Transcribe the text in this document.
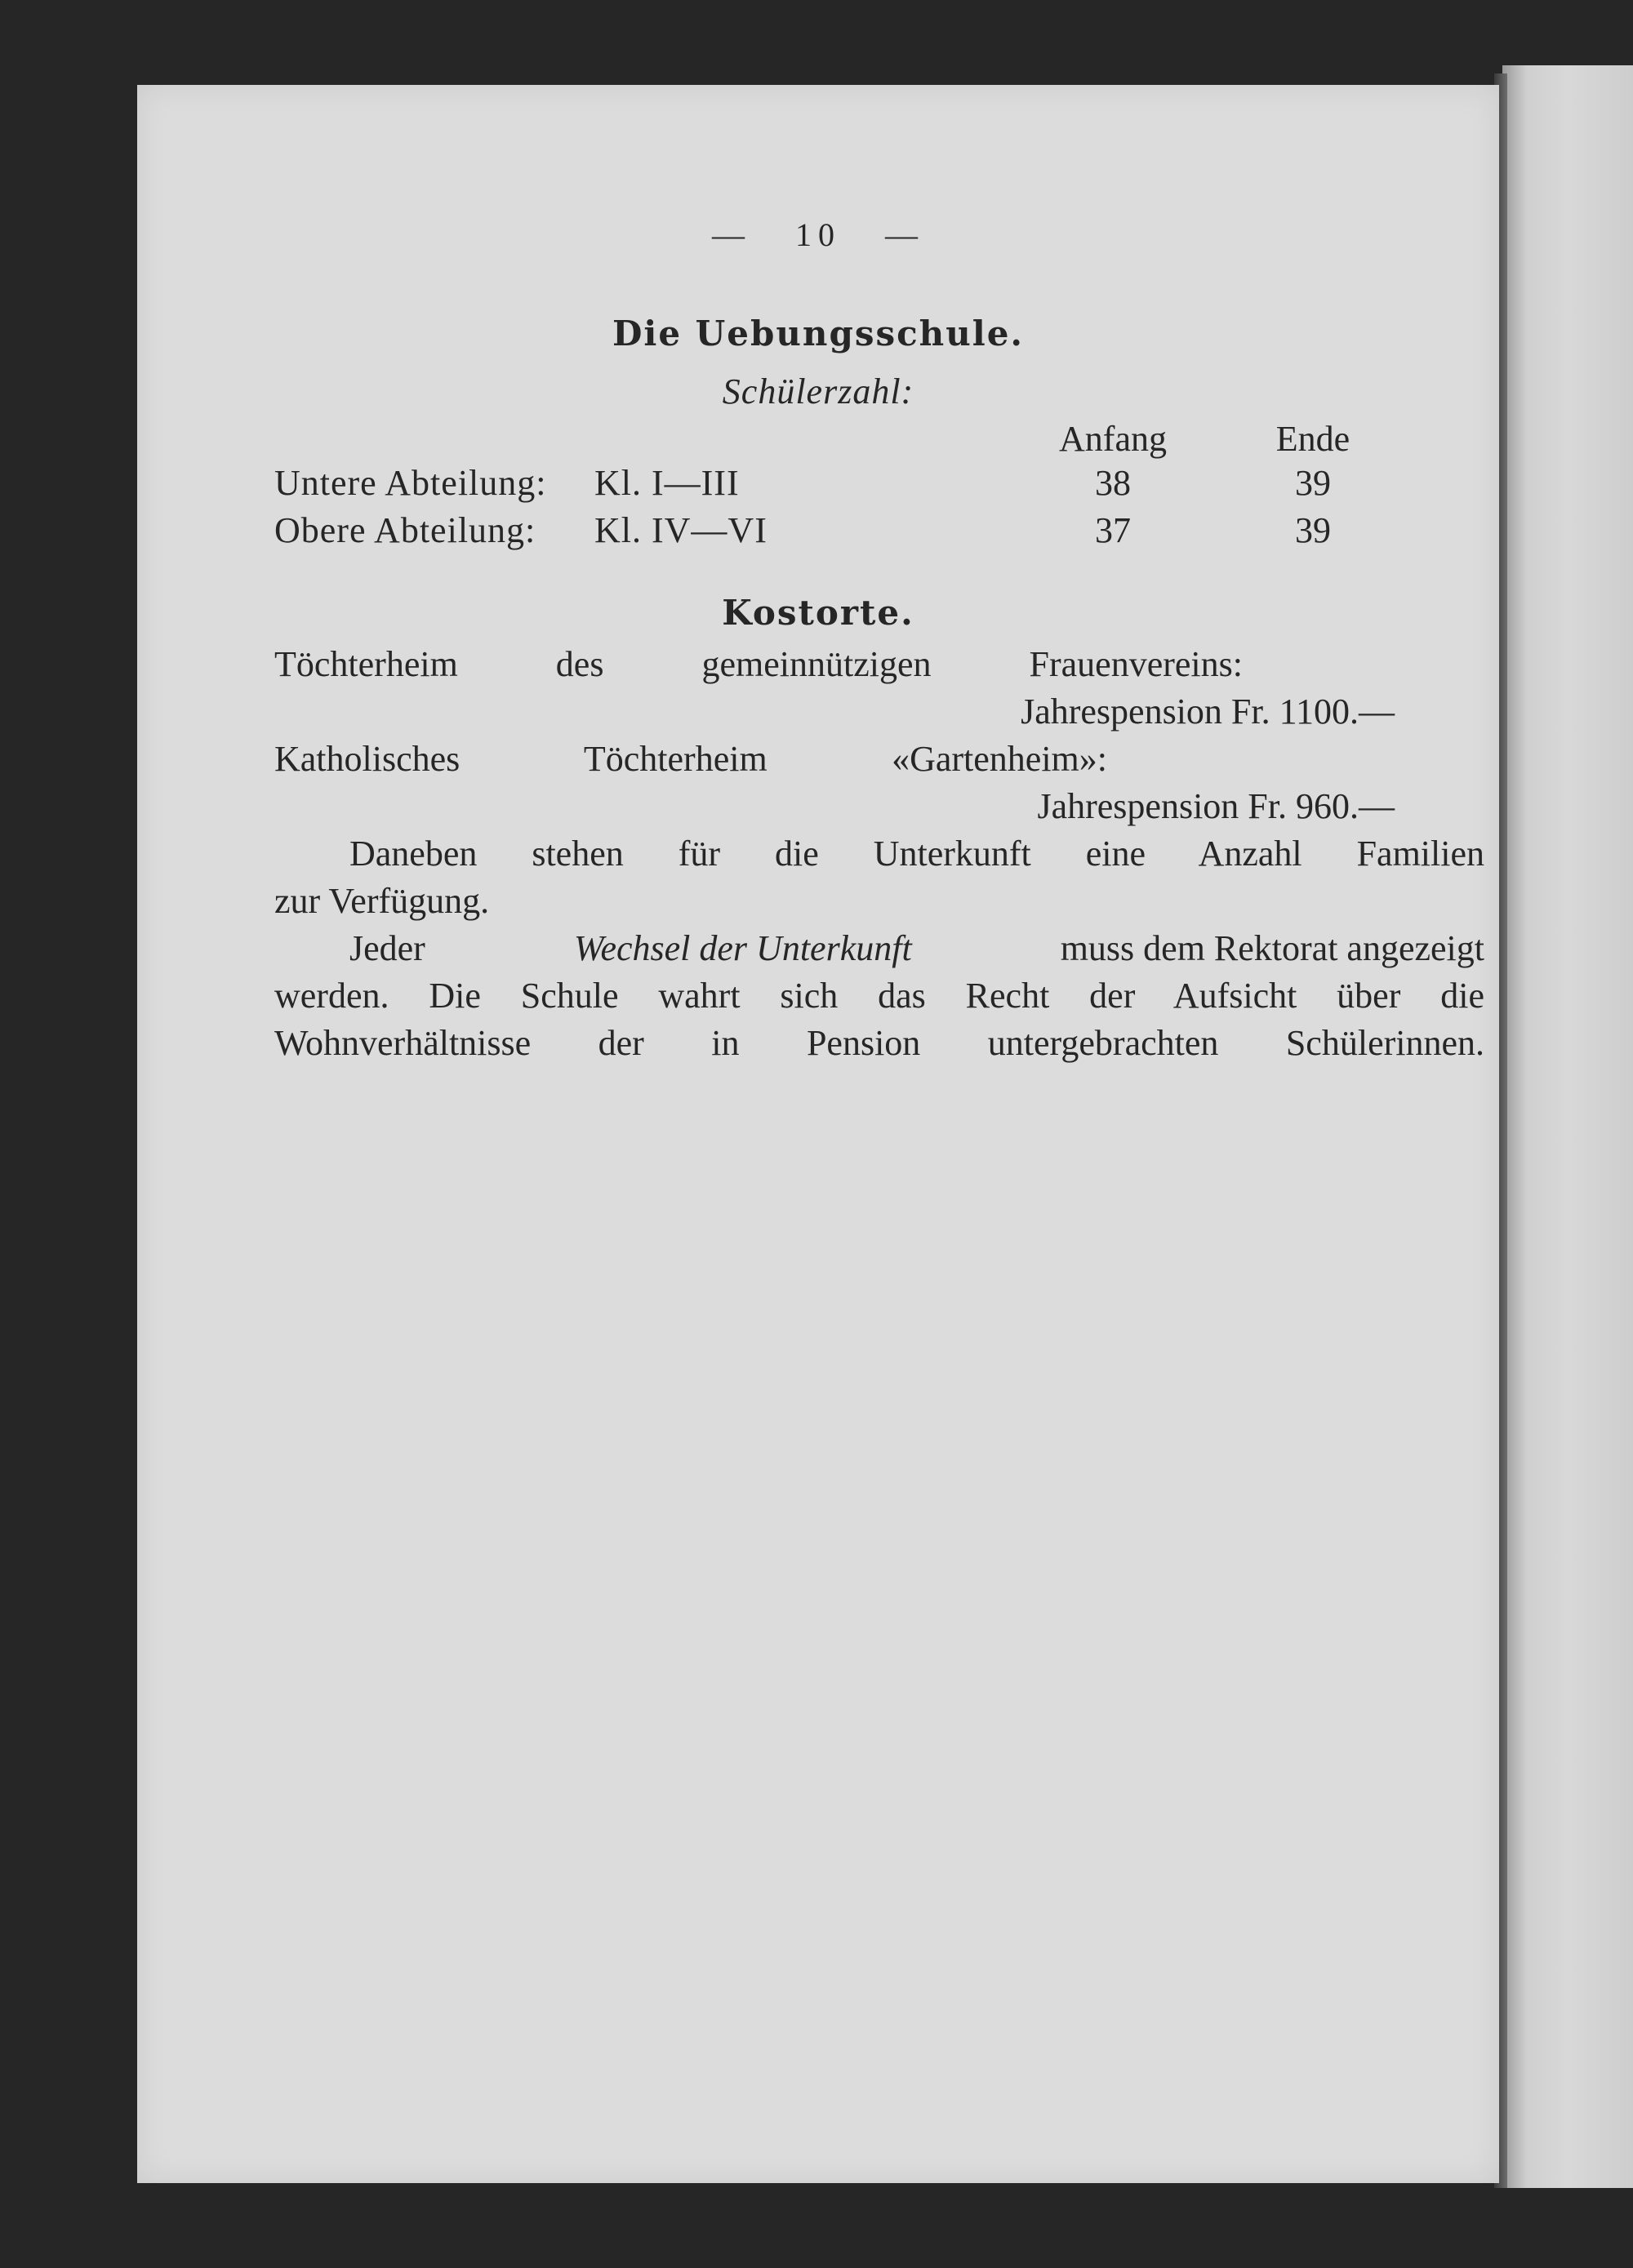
— 10 —
Die Uebungsschule.
Schülerzahl:
Anfang	Ende
Untere Abteilung:	Kl. I—III	38	39
Obere Abteilung:	Kl. IV—VI	37	39
Kostorte.
Töchterheim des gemeinnützigen Frauenvereins:
Jahrespension Fr. 1100.—
Katholisches Töchterheim «Gartenheim»:
Jahrespension Fr. 960.—
Daneben stehen für die Unterkunft eine Anzahl Familien
zur Verfügung.
Jeder	Wechsel der Unterkunft	muss dem Rektorat angezeigt
werden. Die Schule wahrt sich das Recht der Aufsicht über die
Wohnverhältnisse der in Pension untergebrachten Schülerinnen.
